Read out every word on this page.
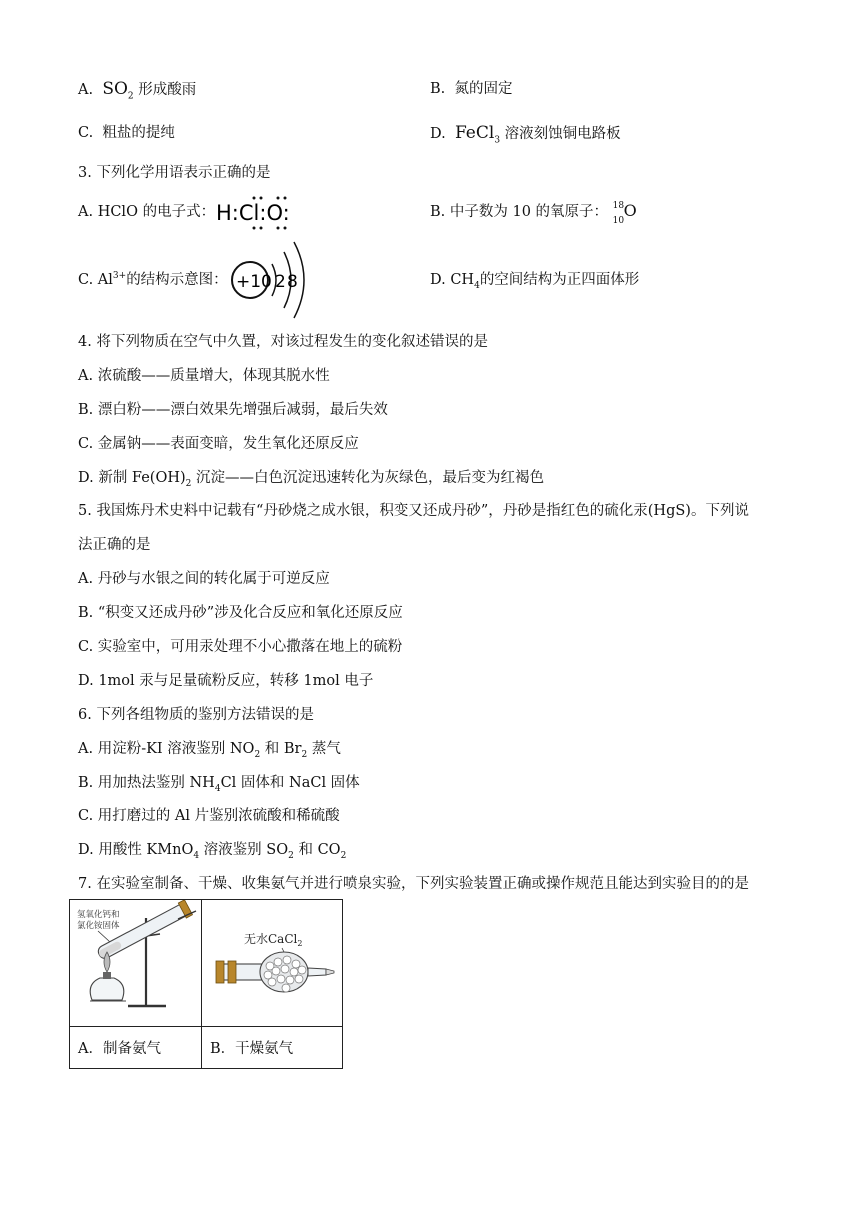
A. $SO_2$ 形成酸雨	B. 氮的固定
C. 粗盐的提纯	D. FeCl$_3$ 溶液刻蚀铜电路板
3. 下列化学用语表示正确的是
A. HClO 的电子式： H:Cl:O:	B. 中子数为 10 的氧原子： 18
10
O
C. $Al^{3+}$的结构示意图： +10 2 8	D. $CH_4$的空间结构为正四面体形
4. 将下列物质在空气中久置，对该过程发生的变化叙述错误的是
A. 浓硫酸——质量增大，体现其脱水性
B. 漂白粉——漂白效果先增强后减弱，最后失效
C. 金属钠——表面变暗，发生氧化还原反应
D. 新制 $Fe(OH)_2$ 沉淀——白色沉淀迅速转化为灰绿色，最后变为红褐色
5. 我国炼丹术史料中记载有“丹砂烧之成水银，积变又还成丹砂”，丹砂是指红色的硫化汞(HgS)。下列说
法正确的是
A. 丹砂与水银之间的转化属于可逆反应
B. “积变又还成丹砂”涉及化合反应和氧化还原反应
C. 实验室中，可用汞处理不小心撒落在地上的硫粉
D. 1mol 汞与足量硫粉反应，转移 1mol 电子
6. 下列各组物质的鉴别方法错误的是
A. 用淀粉-KI 溶液鉴别 $NO_2$ 和 $Br_2$ 蒸气
B. 用加热法鉴别 $NH_4Cl$ 固体和 NaCl 固体
C. 用打磨过的 Al 片鉴别浓硫酸和稀硫酸
D. 用酸性 KMnO$_4$ 溶液鉴别 $SO_2$ 和 $CO_2$
7. 在实验室制备、干燥、收集氨气并进行喷泉实验，下列实验装置正确或操作规范且能达到实验目的的是
氢氧化钙和
氯化铵固体	无水CaCl$_2$

A．制备氨气	B．干燥氨气
